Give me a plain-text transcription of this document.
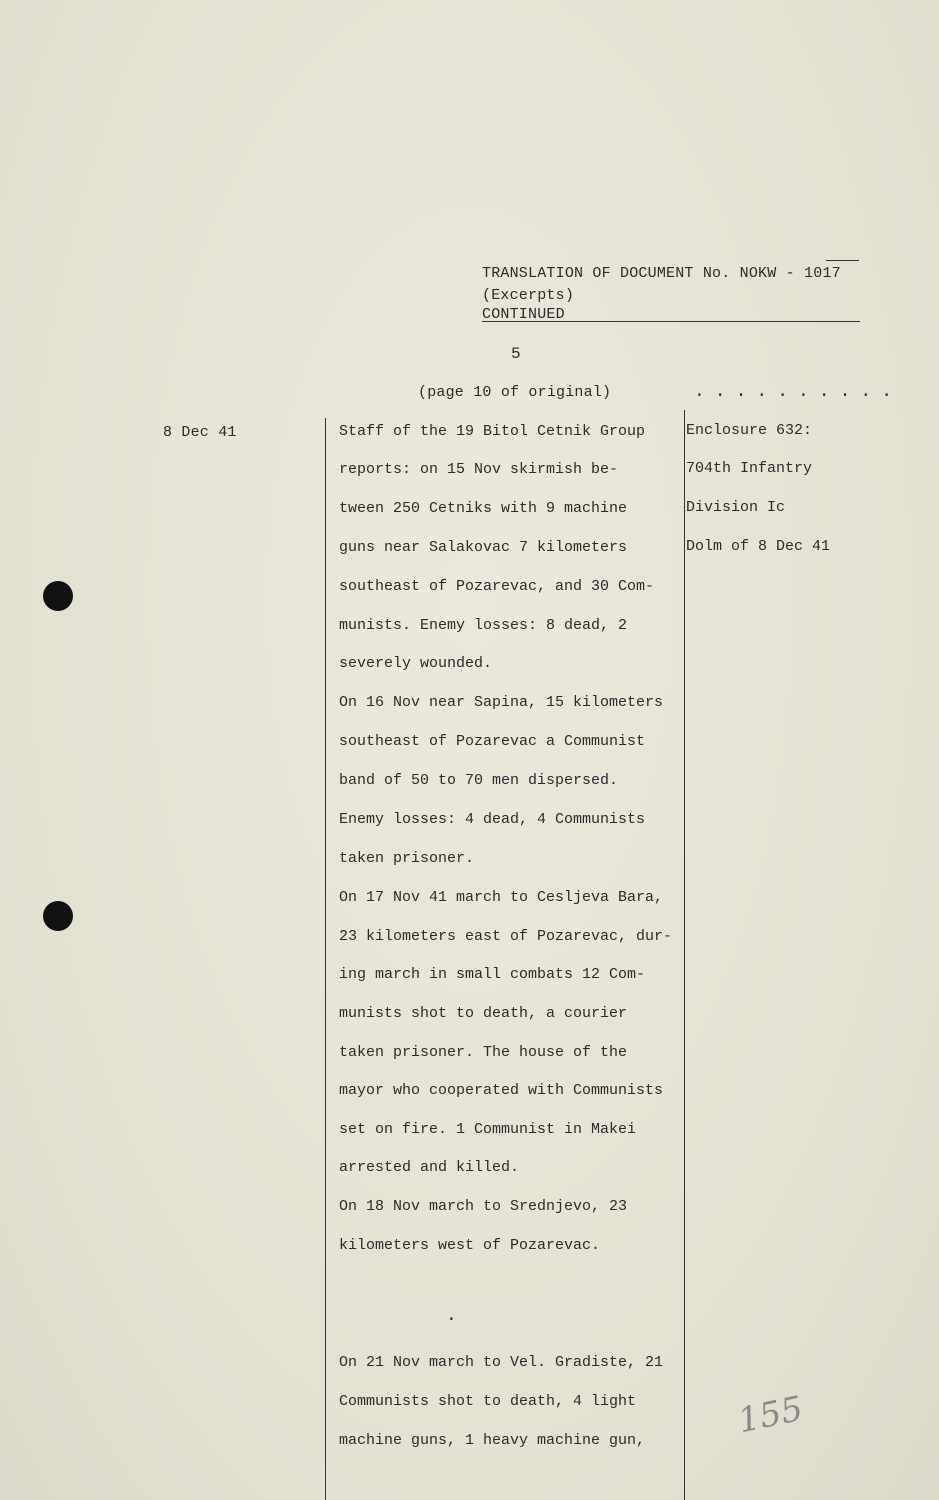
TRANSLATION OF DOCUMENT No. NOKW - 1017
(Excerpts)
CONTINUED
5
(page 10 of original)	..........
8 Dec 41	Staff of the 19 Bitol Cetnik Group
reports: on 15 Nov skirmish be-
tween 250 Cetniks with 9 machine
guns near Salakovac 7 kilometers
southeast of Pozarevac, and 30 Com-
munists. Enemy losses: 8 dead, 2
severely wounded.
On 16 Nov near Sapina, 15 kilometers
southeast of Pozarevac a Communist
band of 50 to 70 men dispersed.
Enemy losses: 4 dead, 4 Communists
taken prisoner.
On 17 Nov 41 march to Cesljeva Bara,
23 kilometers east of Pozarevac, dur-
ing march in small combats 12 Com-
munists shot to death, a courier
taken prisoner. The house of the
mayor who cooperated with Communists
set on fire. 1 Communist in Makei
arrested and killed.
On 18 Nov march to Srednjevo, 23
kilometers west of Pozarevac.
·
On 21 Nov march to Vel. Gradiste, 21
Communists shot to death, 4 light
machine guns, 1 heavy machine gun,
Enclosure 632:
704th Infantry
Division Ic
Dolm of 8 Dec 41
155
